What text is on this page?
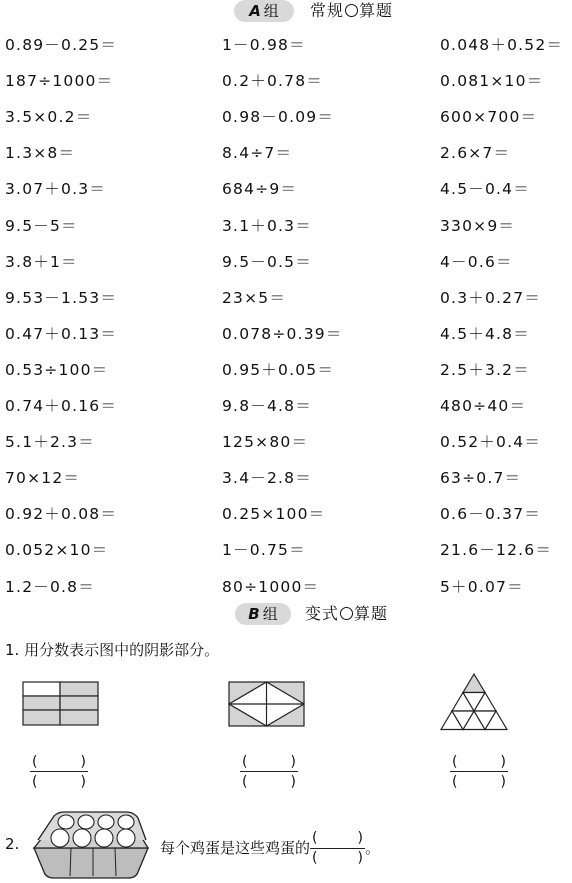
A 组	常规 算题
0.89－0.25＝	1－0.98＝	0.048＋0.52＝
187÷1000＝	0.2＋0.78＝	0.081×10＝
3.5×0.2＝	0.98－0.09＝	600×700＝
1.3×8＝	8.4÷7＝	2.6×7＝
3.07＋0.3＝	684÷9＝	4.5－0.4＝
9.5－5＝	3.1＋0.3＝	330×9＝
3.8＋1＝	9.5－0.5＝	4－0.6＝
9.53－1.53＝	23×5＝	0.3＋0.27＝
0.47＋0.13＝	0.078÷0.39＝	4.5＋4.8＝
0.53÷100＝	0.95＋0.05＝	2.5＋3.2＝
0.74＋0.16＝	9.8－4.8＝	480÷40＝
5.1＋2.3＝	125×80＝	0.52＋0.4＝
70×12＝	3.4－2.8＝	63÷0.7＝
0.92＋0.08＝	0.25×100＝	0.6－0.37＝
0.052×10＝	1－0.75＝	21.6－12.6＝
1.2－0.8＝	80÷1000＝	5＋0.07＝
B 组	变式 算题
1. 用分数表示图中的阴影部分。
(	)
(	)
(	)
(	)
(	)
(	)
2.	每个鸡蛋是这些鸡蛋的
(	)
(	)
。
